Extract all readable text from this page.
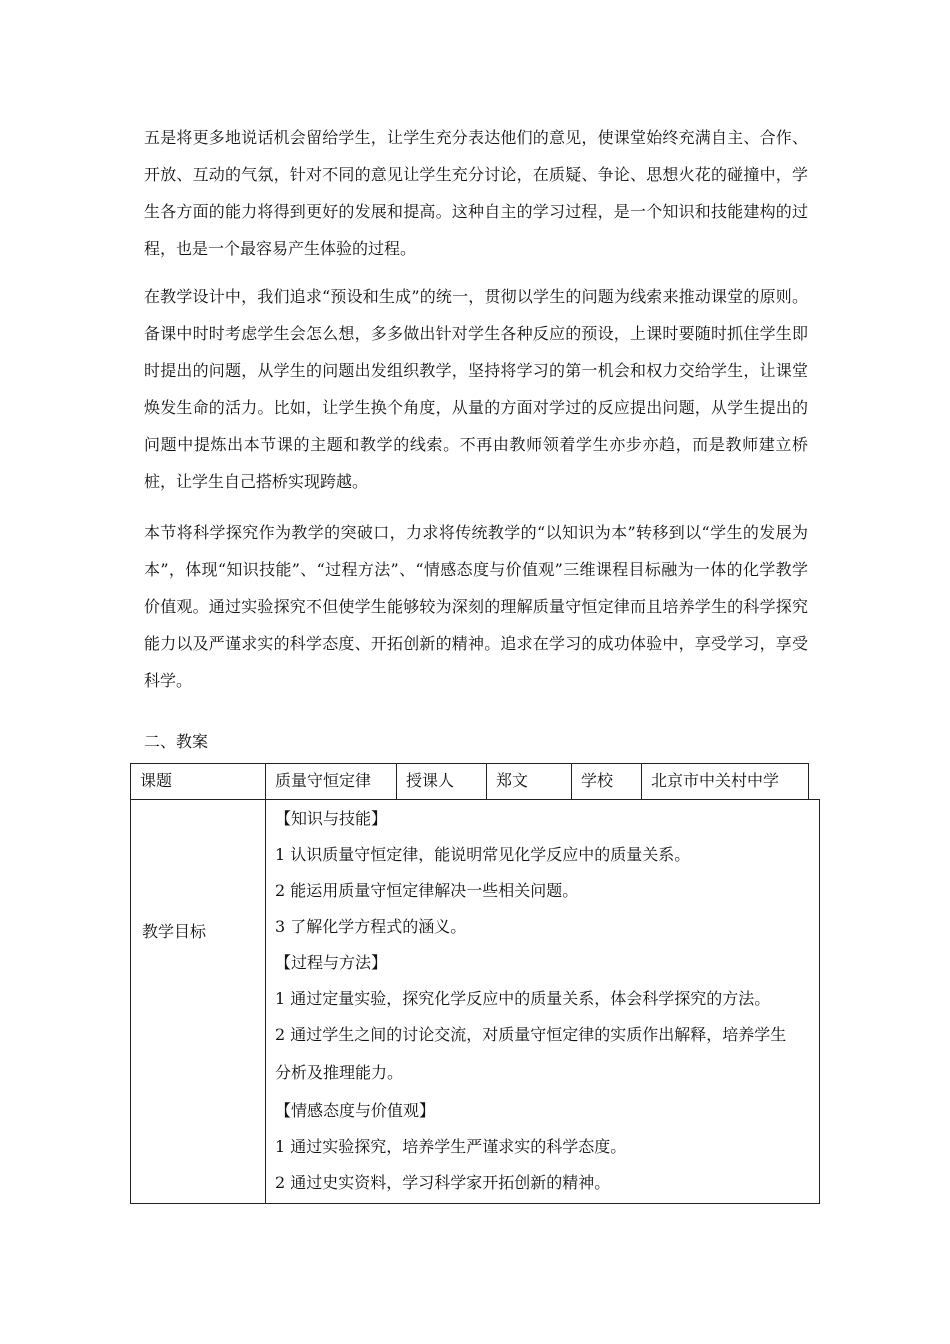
五是将更多地说话机会留给学生，让学生充分表达他们的意见，使课堂始终充满自主、合作、开放、互动的气氛，针对不同的意见让学生充分讨论，在质疑、争论、思想火花的碰撞中，学生各方面的能力将得到更好的发展和提高。这种自主的学习过程，是一个知识和技能建构的过程，也是一个最容易产生体验的过程。

在教学设计中，我们追求“预设和生成”的统一，贯彻以学生的问题为线索来推动课堂的原则。备课中时时考虑学生会怎么想，多多做出针对学生各种反应的预设，上课时要随时抓住学生即时提出的问题，从学生的问题出发组织教学，坚持将学习的第一机会和权力交给学生，让课堂焕发生命的活力。比如，让学生换个角度，从量的方面对学过的反应提出问题，从学生提出的问题中提炼出本节课的主题和教学的线索。不再由教师领着学生亦步亦趋，而是教师建立桥桩，让学生自己搭桥实现跨越。

本节将科学探究作为教学的突破口，力求将传统教学的“以知识为本”转移到以“学生的发展为本”，体现“知识技能”、“过程方法”、“情感态度与价值观”三维课程目标融为一体的化学教学价值观。通过实验探究不但使学生能够较为深刻的理解质量守恒定律而且培养学生的科学探究能力以及严谨求实的科学态度、开拓创新的精神。追求在学习的成功体验中，享受学习，享受科学。

二、教案

课题	质量守恒定律	授课人	郑文	学校	北京市中关村中学
教学目标
【知识与技能】
1 认识质量守恒定律，能说明常见化学反应中的质量关系。
2 能运用质量守恒定律解决一些相关问题。
3 了解化学方程式的涵义。
【过程与方法】
1 通过定量实验，探究化学反应中的质量关系，体会科学探究的方法。
2 通过学生之间的讨论交流，对质量守恒定律的实质作出解释，培养学生
分析及推理能力。
【情感态度与价值观】
1 通过实验探究，培养学生严谨求实的科学态度。
2 通过史实资料，学习科学家开拓创新的精神。
